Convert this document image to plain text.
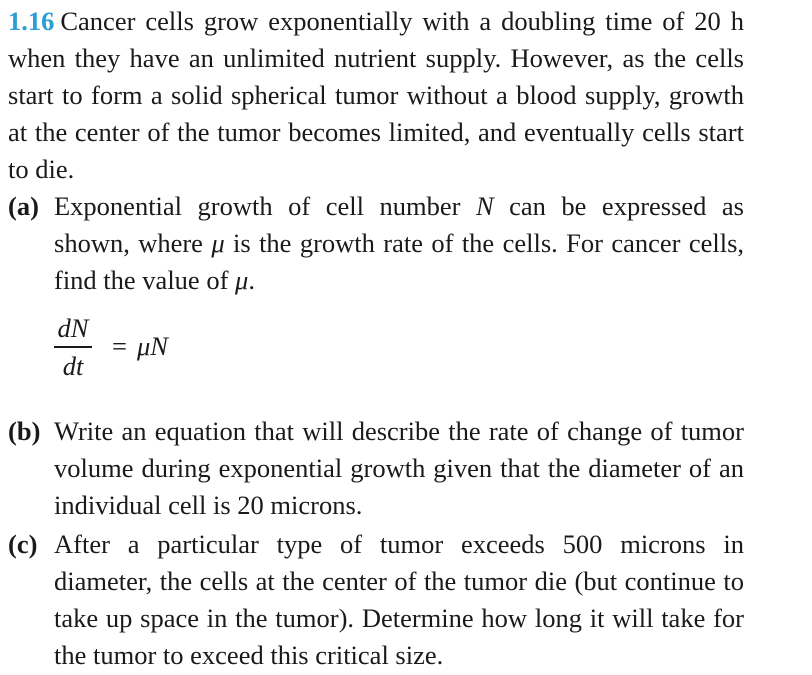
1.16 Cancer cells grow exponentially with a doubling time of 20 h when they have an unlimited nutrient supply. However, as the cells start to form a solid spherical tumor without a blood supply, growth at the center of the tumor becomes limited, and eventually cells start to die.

(a) Exponential growth of cell number N can be expressed as shown, where μ is the growth rate of the cells. For cancer cells, find the value of μ.

dN
dt
= μN

(b) Write an equation that will describe the rate of change of tumor volume during exponential growth given that the diameter of an individual cell is 20 microns.

(c) After a particular type of tumor exceeds 500 microns in diameter, the cells at the center of the tumor die (but continue to take up space in the tumor). Determine how long it will take for the tumor to exceed this critical size.
